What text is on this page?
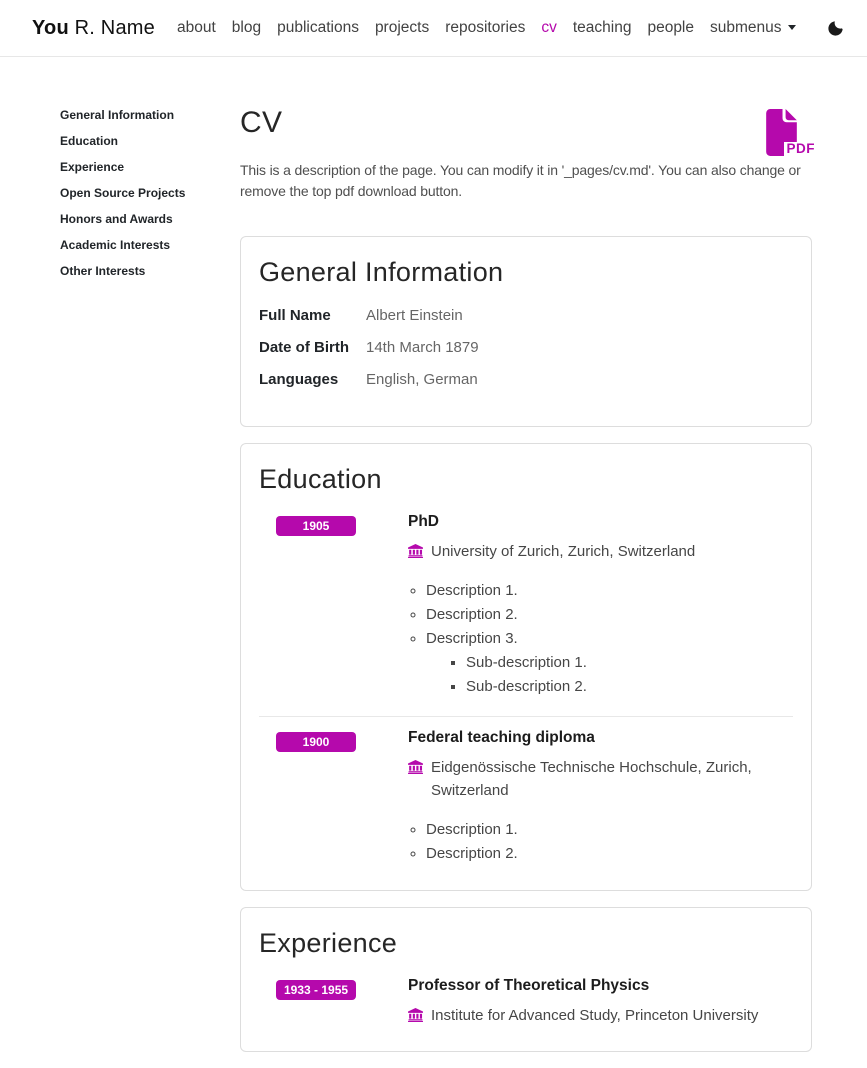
You R. Name	about	blog	publications	projects	repositories	cv	teaching	people	submenus
General Information
Education
Experience
Open Source Projects
Honors and Awards
Academic Interests
Other Interests
CV
PDF

This is a description of the page. You can modify it in '_pages/cv.md'. You can also change or remove the top pdf download button.

General Information
Full Name	Albert Einstein
Date of Birth	14th March 1879
Languages	English, German
Education
1905	PhD
University of Zurich, Zurich, Switzerland
◦ Description 1.
◦ Description 2.
◦ Description 3.
▪ Sub-description 1.
▪ Sub-description 2.
1900	Federal teaching diploma
Eidgenössische Technische Hochschule, Zurich, Switzerland
◦ Description 1.
◦ Description 2.
Experience
1933 - 1955	Professor of Theoretical Physics
Institute for Advanced Study, Princeton University
